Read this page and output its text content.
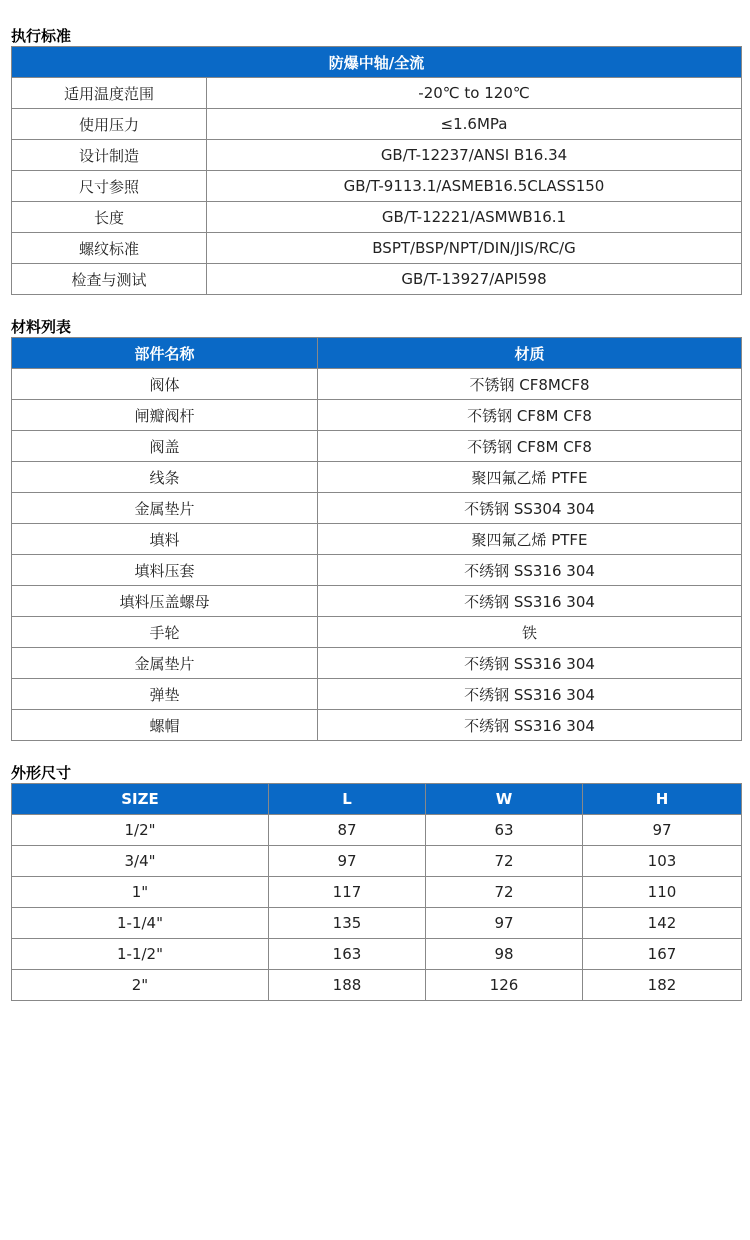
执行标准
防爆中轴/全流	
适用温度范围	-20℃ to 120℃
使用压力	≤1.6MPa
设计制造	GB/T-12237/ANSI B16.34
尺寸参照	GB/T-9113.1/ASMEB16.5CLASS150
长度	GB/T-12221/ASMWB16.1
螺纹标准	BSPT/BSP/NPT/DIN/JIS/RC/G
检查与测试	GB/T-13927/API598
材料列表
部件名称	材质
阀体	不锈钢 CF8MCF8
闸瓣阀杆	不锈钢 CF8M CF8
阀盖	不锈钢 CF8M CF8
线条	聚四氟乙烯 PTFE
金属垫片	不锈钢 SS304 304
填料	聚四氟乙烯 PTFE
填料压套	不绣钢 SS316 304
填料压盖螺母	不绣钢 SS316 304
手轮	铁
金属垫片	不绣钢 SS316 304
弹垫	不绣钢 SS316 304
螺帽	不绣钢 SS316 304
外形尺寸
SIZE	L	W	H
1/2"	87	63	97
3/4"	97	72	103
1"	117	72	110
1-1/4"	135	97	142
1-1/2"	163	98	167
2"	188	126	182
